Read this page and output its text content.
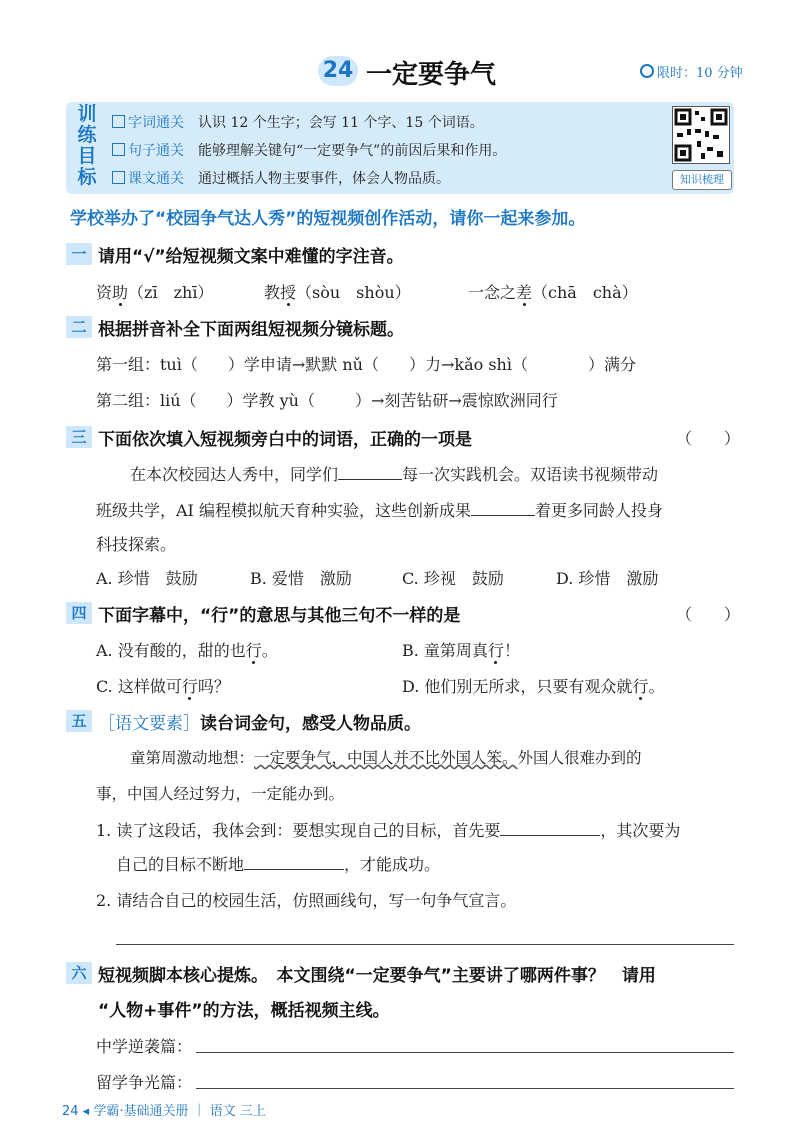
24 一定要争气	限时：10 分钟
训
练
目
标
字词通关　 认识 12 个生字；会写 11 个字、15 个词语。
句子通关　 能够理解关键句“一定要争气”的前因后果和作用。
课文通关　 通过概括人物主要事件，体会人物品质。	知识梳理
学校举办了“校园争气达人秀”的短视频创作活动，请你一起来参加。
一 请用“√”给短视频文案中难懂的字注音。
资助（zī　zhī）	教授（sòu　shòu）	一念之差（chā　chà）
二 根据拼音补全下面两组短视频分镜标题。
第一组：tuì（ ）学申请→默默 nǔ（ ）力→kǎo shì（	）满分
第二组：liú（ ）学教 yù（	）→刻苦钻研→震惊欧洲同行
三 下面依次填入短视频旁白中的词语，正确的一项是	（　　）
在本次校园达人秀中，同学们	每一次实践机会。双语读书视频带动
班级共学，AI 编程模拟航天育种实验，这些创新成果	着更多同龄人投身
科技探索。
A. 珍惜　鼓励	B. 爱惜　激励	C. 珍视　鼓励	D. 珍惜　激励
四 下面字幕中，“行”的意思与其他三句不一样的是	（　　）
A. 没有酸的，甜的也行。	B. 童第周真行！
C. 这样做可行吗？	D. 他们别无所求，只要有观众就行。
五 ［语文要素］读台词金句，感受人物品质。
童第周激动地想：一定要争气，中国人并不比外国人笨。外国人很难办到的
事，中国人经过努力，一定能办到。
1. 读了这段话，我体会到：要想实现自己的目标，首先要	，其次要为
自己的目标不断地	，才能成功。
2. 请结合自己的校园生活，仿照画线句，写一句争气宣言。
六 短视频脚本核心提炼。　本文围绕“一定要争气”主要讲了哪两件事？　请用
“人物+事件”的方法，概括视频主线。
中学逆袭篇：
留学争光篇：
24 ◂ 学霸·基础通关册 ｜ 语文 三上
